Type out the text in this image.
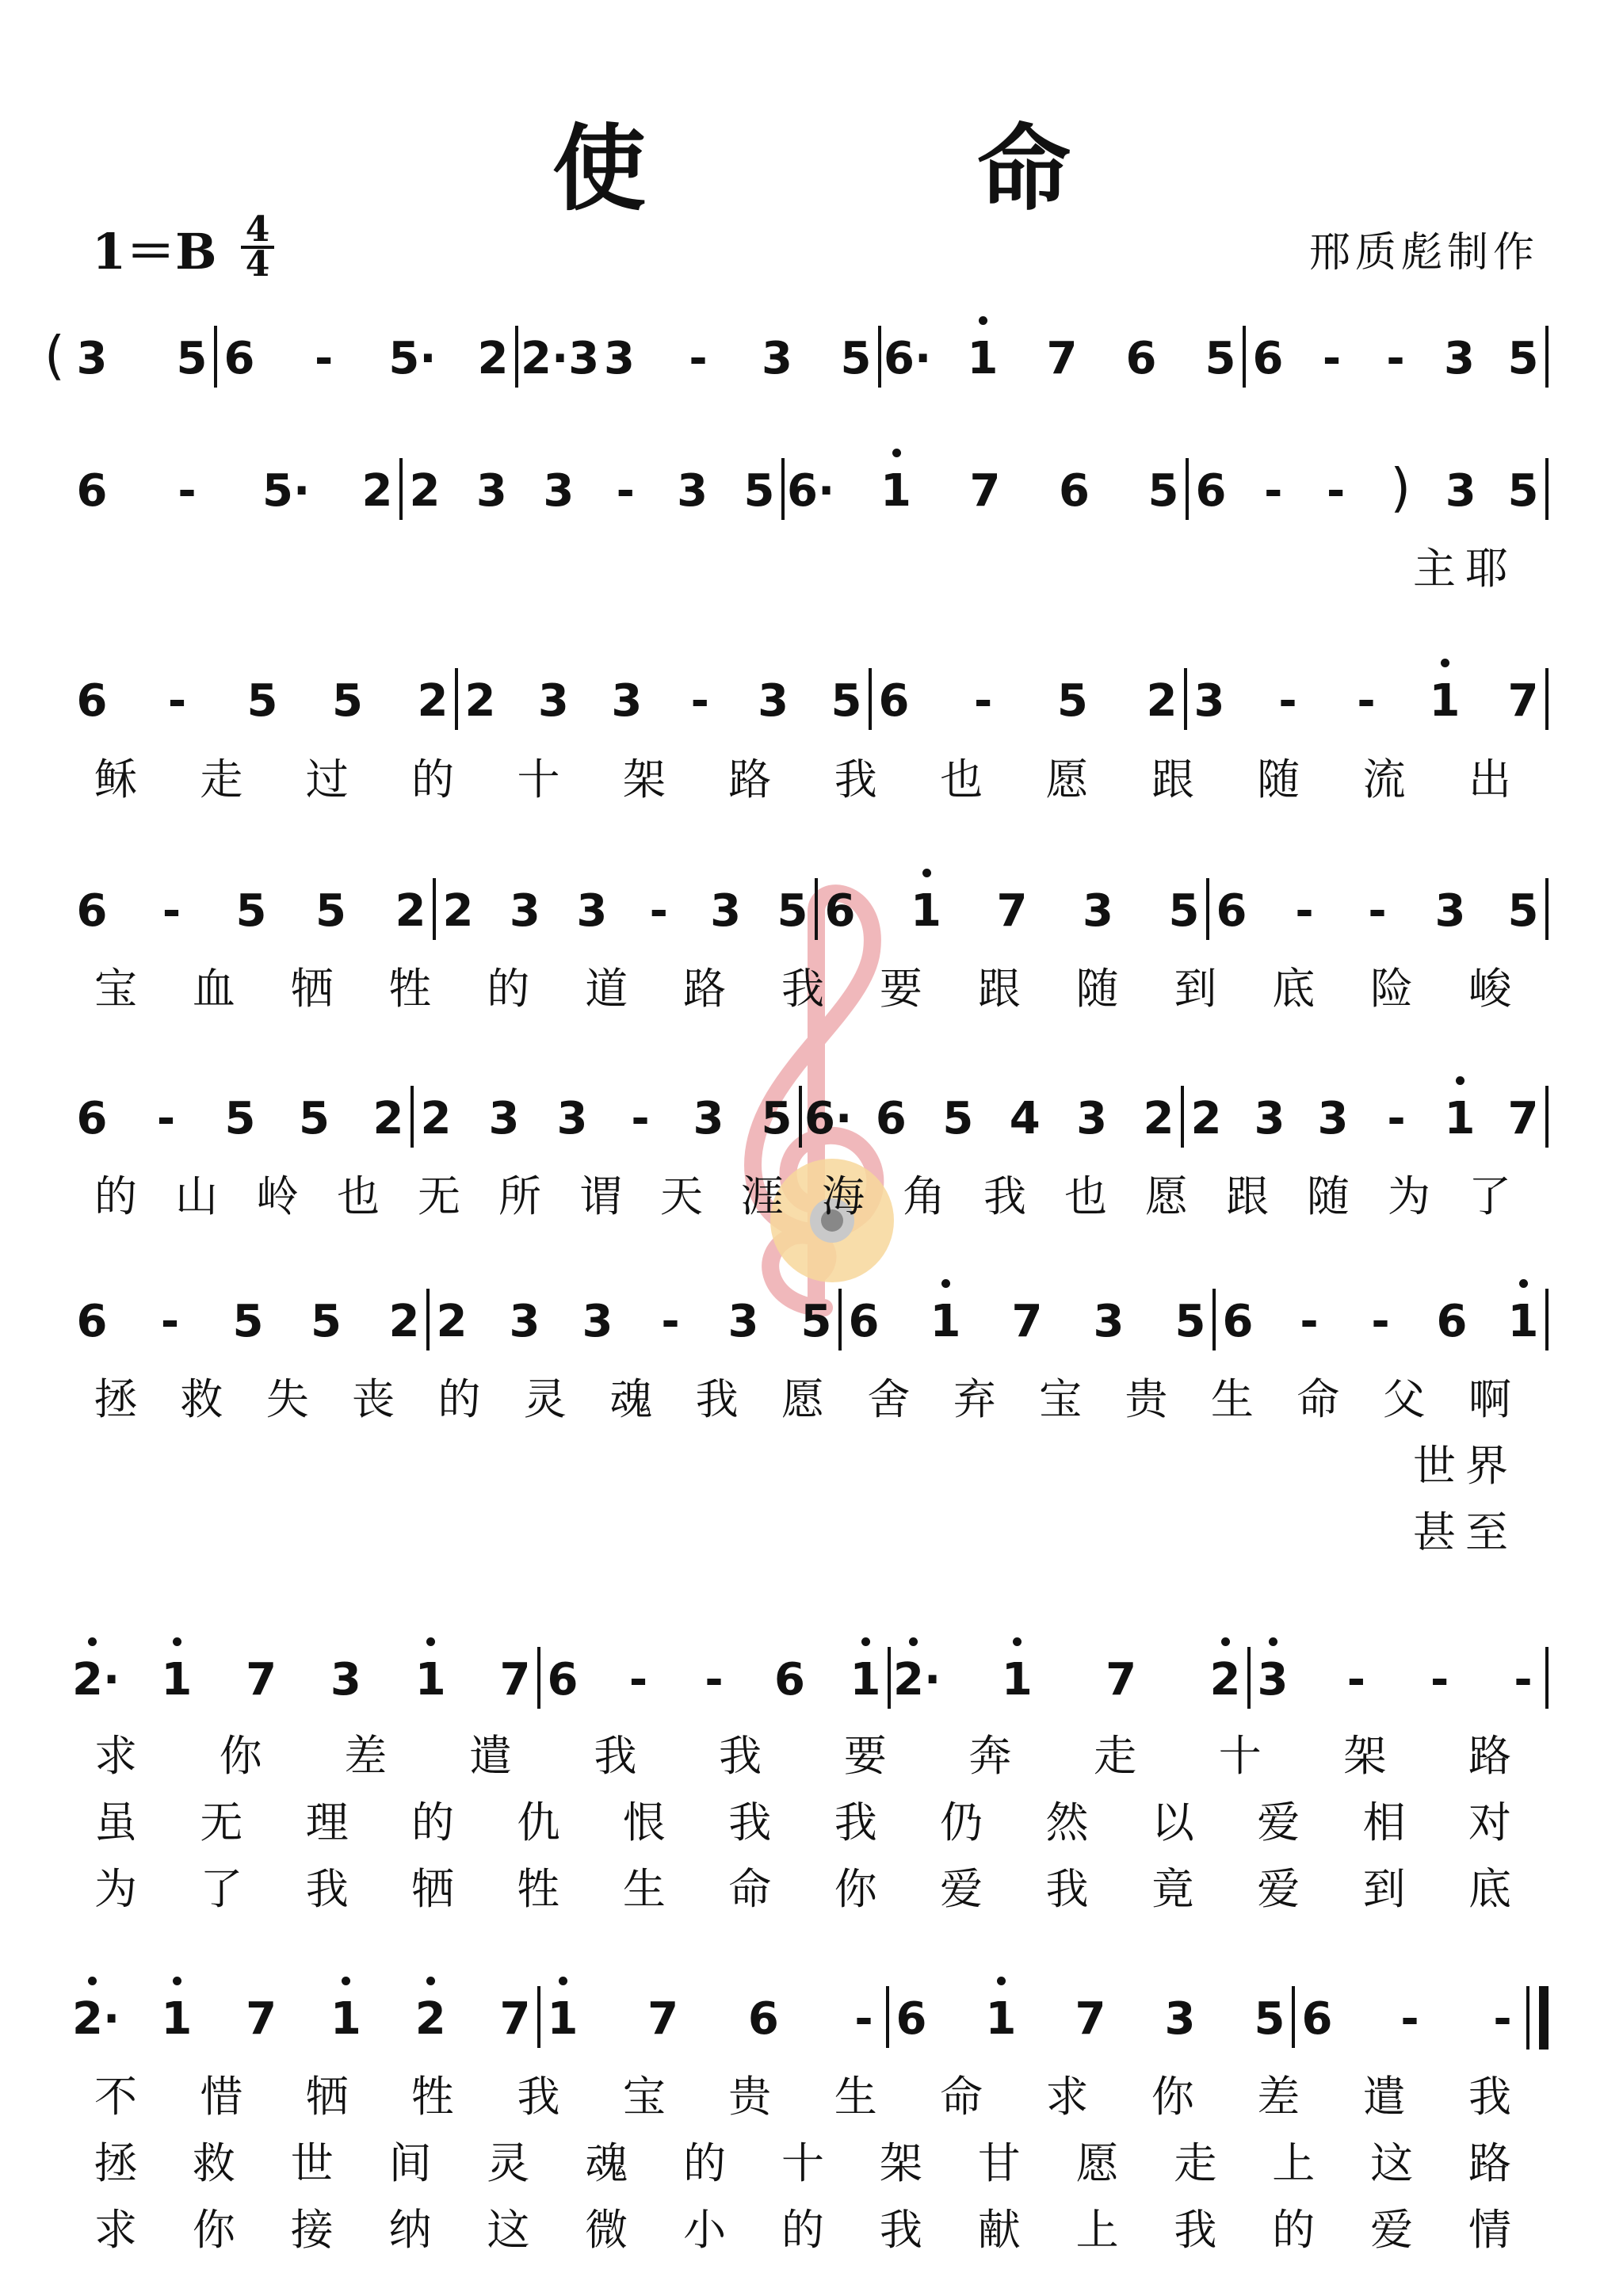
使　命
1＝B 4
4	邢质彪制作
( 3 5 6 - 5· 2 2·3 3 - 3 5 6· 1 7 6 5 6 - - 3 5
6 - 5· 2 2 3 3 - 3 5 6· 1 7 6 5 6 - - ) 3 5
主 耶
6 - 5 5 2 2 3 3 - 3 5 6 - 5 2 3 - - 1 7
稣 走 过 的 十 架 路 我 也 愿 跟 随 流 出
6 - 5 5 2 2 3 3 - 3 5 6 1 7 3 5 6 - - 3 5
宝 血 牺 牲 的 道 路 我 要 跟 随 到 底 险 峻
6 - 5 5 2 2 3 3 - 3 5 6· 6 5 4 3 2 2 3 3 - 1 7
的 山 岭 也 无 所 谓 天 涯 海 角 我 也 愿 跟 随 为 了
6 - 5 5 2 2 3 3 - 3 5 6 1 7 3 5 6 - - 6 1
拯 救 失 丧 的 灵 魂 我 愿 舍 弃 宝 贵 生 命 父 啊
世 界
甚 至
2· 1 7 3 1 7 6 - - 6 1 2· 1 7 2 3 - - -
求 你 差 遣 我 我 要 奔 走 十 架 路
虽 无 理 的 仇 恨 我 我 仍 然 以 爱 相 对
为 了 我 牺 牲 生 命 你 爱 我 竟 爱 到 底
2· 1 7 1 2 7 1 7 6 - 6 1 7 3 5 6 - -
不 惜 牺 牲 我 宝 贵 生 命 求 你 差 遣 我
拯 救 世 间 灵 魂 的 十 架 甘 愿 走 上 这 路
求 你 接 纳 这 微 小 的 我 献 上 我 的 爱 情
